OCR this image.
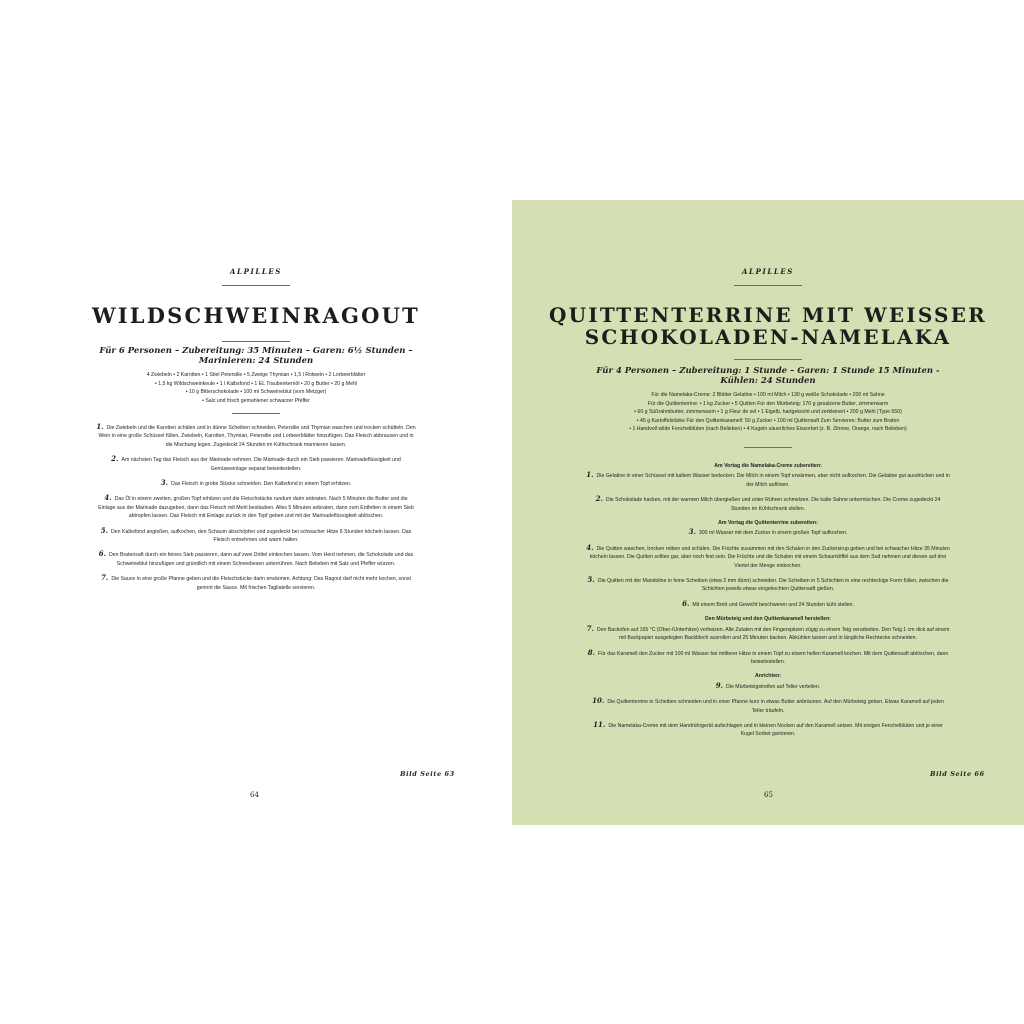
ALPILLES
WILDSCHWEINRAGOUT
Für 6 Personen – Zubereitung: 35 Minuten – Garen: 6½ Stunden –
Marinieren: 24 Stunden
4 Zwiebeln • 2 Karotten • 1 Stiel Petersilie • 5 Zweige Thymian • 1,5 l Rotwein • 2 Lorbeerblätter
• 1,5 kg Wildschweinkeule • 1 l Kalbsfond • 1 EL Traubenkernöl • 20 g Butter • 20 g Mehl
• 10 g Bitterschokolade • 100 ml Schweineblut (vom Metzger)
• Salz und frisch gemahlener schwarzer Pfeffer
1. Die Zwiebeln und die Karotten schälen und in dünne Scheiben schneiden. Petersilie und Thymian waschen und trocken schütteln. Den Wein in eine große Schüssel füllen, Zwiebeln, Karotten, Thymian, Petersilie und Lorbeerblätter hinzufügen. Das Fleisch abbrausen und in die Mischung legen. Zugedeckt 24 Stunden im Kühlschrank marinieren lassen.
2. Am nächsten Tag das Fleisch aus der Marinade nehmen. Die Marinade durch ein Sieb passieren. Marinadeflüssigkeit und Gemüseeinlage separat beiseitestellen.
3. Das Fleisch in grobe Stücke schneiden. Den Kalbsfond in einem Topf erhitzen.
4. Das Öl in einem zweiten, großen Topf erhitzen und die Fleischstücke rundum darin anbraten. Nach 5 Minuten die Butter und die Einlage aus der Marinade dazugeben, dann das Fleisch mit Mehl bestäuben. Alles 5 Minuten anbraten, dann zum Entfetten in einem Sieb abtropfen lassen. Das Fleisch mit Einlage zurück in den Topf geben und mit der Marinadeflüssigkeit ablöschen.
5. Den Kalbsfond angießen, aufkochen, den Schaum abschöpfen und zugedeckt bei schwacher Hitze 6 Stunden köcheln lassen. Das Fleisch entnehmen und warm halten.
6. Den Bratensaft durch ein feines Sieb passieren, dann auf zwei Drittel einkochen lassen. Vom Herd nehmen, die Schokolade und das Schweineblut hinzufügen und gründlich mit einem Schneebesen unterrühren. Nach Belieben mit Salz und Pfeffer würzen.
7. Die Sauce in eine große Pfanne geben und die Fleischstücke darin erwärmen. Achtung: Das Ragout darf nicht mehr kochen, sonst gerinnt die Sauce. Mit frischen Tagliatelle servieren.
Bild Seite 63
64
ALPILLES
QUITTENTERRINE MIT WEISSER
SCHOKOLADEN-NAMELAKA
Für 4 Personen – Zubereitung: 1 Stunde – Garen: 1 Stunde 15 Minuten -
Kühlen: 24 Stunden
Für die Namelaka-Creme: 2 Blätter Gelatine • 100 ml Milch • 130 g weiße Schokolade • 200 ml Sahne
Für die Quittenterrine: • 1 kg Zucker • 5 Quitten Für den Mürbeteig: 170 g gesalzene Butter, zimmerwarm
• 60 g Süßrahmbutter, zimmerwarm • 1 g Fleur de sel • 1 Eigelb, hartgekocht und zerkleinert • 200 g Mehl (Type 550)
• 45 g Kartoffelstärke Für den Quittenkaramell: 50 g Zucker • 100 ml Quittensaft Zum Servieren: Butter zum Braten
• 1 Handvoll wilde Fenchelblüten (nach Belieben) • 4 Kugeln säuerliches Eissorbet (z. B. Zitrone, Orange, nach Belieben)
Am Vortag die Namelaka-Creme zubereiten:
1. Die Gelatine in einer Schüssel mit kaltem Wasser bedecken. Die Milch in einem Topf erwärmen, aber nicht aufkochen. Die Gelatine gut ausdrücken und in der Milch auflösen.
2. Die Schokolade hacken, mit der warmen Milch übergießen und unter Rühren schmelzen. Die kalte Sahne untermischen. Die Creme zugedeckt 24 Stunden im Kühlschrank stellen.
Am Vortag die Quittenterrine zubereiten:
3. 300 ml Wasser mit dem Zucker in einem großen Topf aufkochen.
4. Die Quitten waschen, trocken reiben und schälen. Die Früchte zusammen mit den Schalen in den Zuckersirup geben und bei schwacher Hitze 35 Minuten köcheln lassen. Die Quitten sollten gar, aber noch fest sein. Die Früchte und die Schalen mit einem Schaumlöffel aus dem Sud nehmen und diesen auf drei Viertel der Menge einkochen.
5. Die Quitten mit der Mandoline in feine Scheiben (etwa 2 mm dünn) schneiden. Die Scheiben in 5 Schichten in eine rechteckige Form füllen, zwischen die Schichten jeweils etwas eingekochten Quittensaft gießen.
6. Mit einem Brett und Gewicht beschweren und 24 Stunden kühl stellen.
Den Mürbeteig und den Quittenkaramell herstellen:
7. Den Backofen auf 165 °C (Ober-/Unterhitze) vorheizen. Alle Zutaten mit den Fingerspitzen zügig zu einem Teig verarbeiten. Den Teig 1 cm dick auf einem mit Backpapier ausgelegten Backblech ausrollen und 25 Minuten backen. Abkühlen lassen und in längliche Rechtecke schneiden.
8. Für das Karamell den Zucker mit 100 ml Wasser bei mittlerer Hitze in einem Topf zu einem hellen Karamell kochen. Mit dem Quittensaft ablöschen, dann beiseitestellen.
Anrichten:
9. Die Mürbeteigstreifen auf Teller verteilen.
10. Die Quittenterrine in Scheiben schneiden und in einer Pfanne kurz in etwas Butter anbräunen. Auf den Mürbeteig geben. Etwas Karamell auf jeden Teller träufeln.
11. Die Namelaka-Creme mit dem Handrührgerät aufschlagen und in kleinen Nocken auf den Karamell setzen. Mit einigen Fenchelblüten und je einer Kugel Sorbet garnieren.
Bild Seite 66
65
